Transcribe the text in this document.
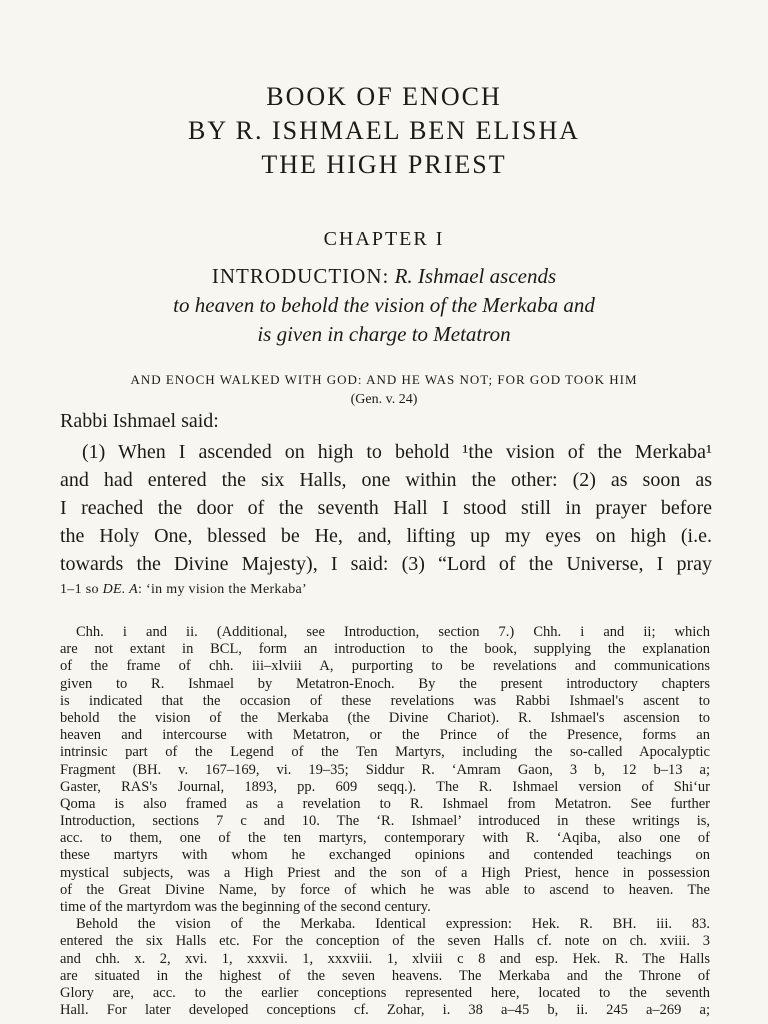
BOOK OF ENOCH
BY R. ISHMAEL BEN ELISHA
THE HIGH PRIEST
CHAPTER I
INTRODUCTION: R. Ishmael ascends
to heaven to behold the vision of the Merkaba and
is given in charge to Metatron
AND ENOCH WALKED WITH GOD: AND HE WAS NOT; FOR GOD TOOK HIM
(Gen. v. 24)
Rabbi Ishmael said:
(1) When I ascended on high to behold ¹the vision of the Merkaba¹
and had entered the six Halls, one within the other: (2) as soon as
I reached the door of the seventh Hall I stood still in prayer before
the Holy One, blessed be He, and, lifting up my eyes on high (i.e.
towards the Divine Majesty), I said: (3) “Lord of the Universe, I pray
1–1 so DE. A: ‘in my vision the Merkaba’
Chh. i and ii. (Additional, see Introduction, section 7.) Chh. i and ii; which
are not extant in BCL, form an introduction to the book, supplying the explanation
of the frame of chh. iii–xlviii A, purporting to be revelations and communications
given to R. Ishmael by Metatron-Enoch. By the present introductory chapters
is indicated that the occasion of these revelations was Rabbi Ishmael's ascent to
behold the vision of the Merkaba (the Divine Chariot). R. Ishmael's ascension to
heaven and intercourse with Metatron, or the Prince of the Presence, forms an
intrinsic part of the Legend of the Ten Martyrs, including the so-called Apocalyptic
Fragment (BH. v. 167–169, vi. 19–35; Siddur R. ‘Amram Gaon, 3 b, 12 b–13 a;
Gaster, RAS's Journal, 1893, pp. 609 seqq.). The R. Ishmael version of Shi‘ur
Qoma is also framed as a revelation to R. Ishmael from Metatron. See further
Introduction, sections 7 c and 10. The ‘R. Ishmael’ introduced in these writings is,
acc. to them, one of the ten martyrs, contemporary with R. ‘Aqiba, also one of
these martyrs with whom he exchanged opinions and contended teachings on
mystical subjects, was a High Priest and the son of a High Priest, hence in possession
of the Great Divine Name, by force of which he was able to ascend to heaven. The
time of the martyrdom was the beginning of the second century.
Behold the vision of the Merkaba. Identical expression: Hek. R. BH. iii. 83.
entered the six Halls etc. For the conception of the seven Halls cf. note on ch. xviii. 3
and chh. x. 2, xvi. 1, xxxvii. 1, xxxviii. 1, xlviii c 8 and esp. Hek. R. The Halls
are situated in the highest of the seven heavens. The Merkaba and the Throne of
Glory are, acc. to the earlier conceptions represented here, located to the seventh
Hall. For later developed conceptions cf. Zohar, i. 38 a–45 b, ii. 245 a–269 a;
